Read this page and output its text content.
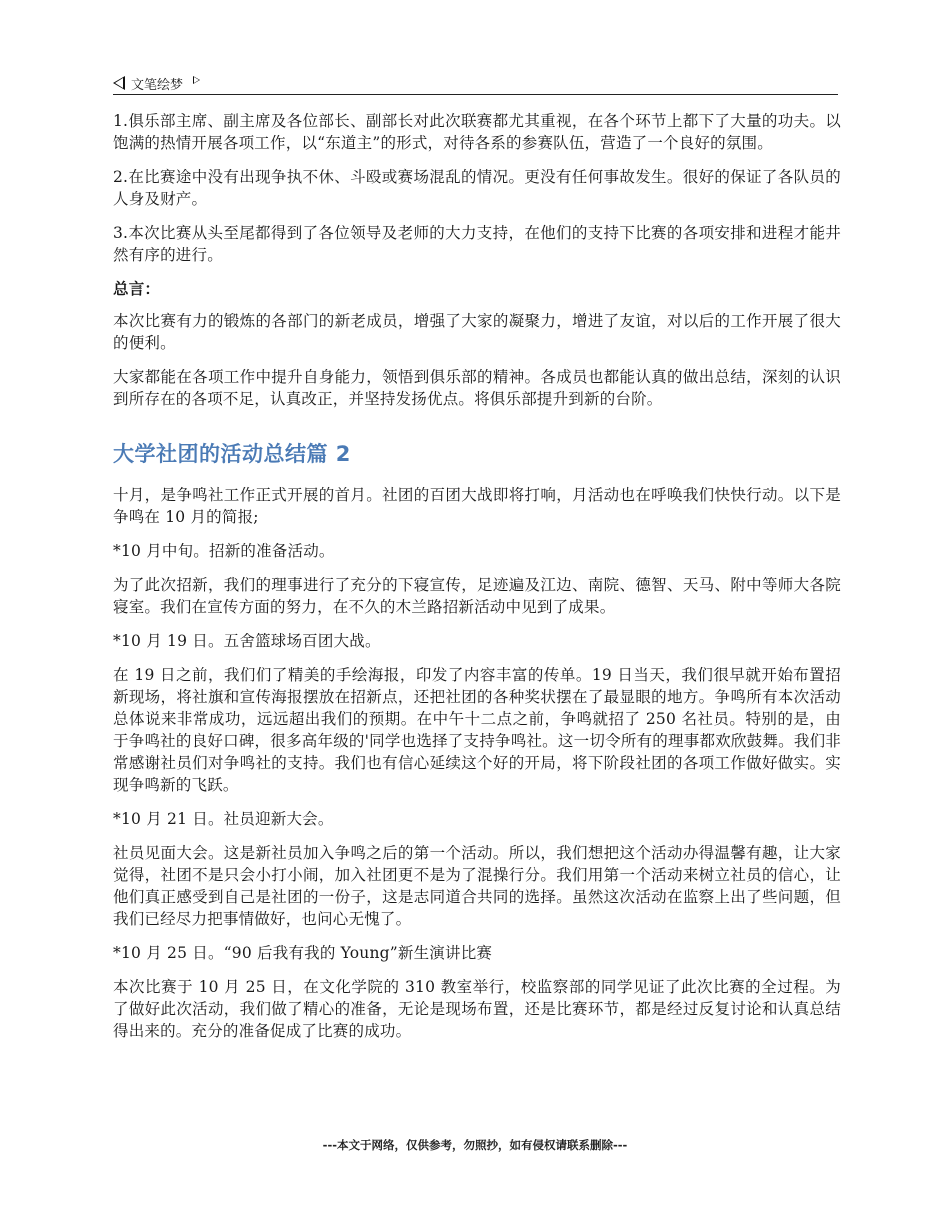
文笔绘梦

1.俱乐部主席、副主席及各位部长、副部长对此次联赛都尤其重视，在各个环节上都下了大量的功夫。以饱满的热情开展各项工作，以“东道主”的形式，对待各系的参赛队伍，营造了一个良好的氛围。

2.在比赛途中没有出现争执不休、斗殴或赛场混乱的情况。更没有任何事故发生。很好的保证了各队员的人身及财产。

3.本次比赛从头至尾都得到了各位领导及老师的大力支持，在他们的支持下比赛的各项安排和进程才能井然有序的进行。

总言：

本次比赛有力的锻炼的各部门的新老成员，增强了大家的凝聚力，增进了友谊，对以后的工作开展了很大的便利。

大家都能在各项工作中提升自身能力，领悟到俱乐部的精神。各成员也都能认真的做出总结，深刻的认识到所存在的各项不足，认真改正，并坚持发扬优点。将俱乐部提升到新的台阶。

大学社团的活动总结篇 2

十月，是争鸣社工作正式开展的首月。社团的百团大战即将打响，月活动也在呼唤我们快快行动。以下是争鸣在 10 月的简报;

*10 月中旬。招新的准备活动。

为了此次招新，我们的理事进行了充分的下寝宣传，足迹遍及江边、南院、德智、天马、附中等师大各院寝室。我们在宣传方面的努力，在不久的木兰路招新活动中见到了成果。

*10 月 19 日。五舍篮球场百团大战。

在 19 日之前，我们们了精美的手绘海报，印发了内容丰富的传单。19 日当天，我们很早就开始布置招新现场，将社旗和宣传海报摆放在招新点，还把社团的各种奖状摆在了最显眼的地方。争鸣所有本次活动总体说来非常成功，远远超出我们的预期。在中午十二点之前，争鸣就招了 250 名社员。特别的是，由于争鸣社的良好口碑，很多高年级的'同学也选择了支持争鸣社。这一切令所有的理事都欢欣鼓舞。我们非常感谢社员们对争鸣社的支持。我们也有信心延续这个好的开局，将下阶段社团的各项工作做好做实。实现争鸣新的飞跃。

*10 月 21 日。社员迎新大会。

社员见面大会。这是新社员加入争鸣之后的第一个活动。所以，我们想把这个活动办得温馨有趣，让大家觉得，社团不是只会小打小闹，加入社团更不是为了混操行分。我们用第一个活动来树立社员的信心，让他们真正感受到自己是社团的一份子，这是志同道合共同的选择。虽然这次活动在监察上出了些问题，但我们已经尽力把事情做好，也问心无愧了。

*10 月 25 日。“90 后我有我的 Young”新生演讲比赛

本次比赛于 10 月 25 日，在文化学院的 310 教室举行，校监察部的同学见证了此次比赛的全过程。为了做好此次活动，我们做了精心的准备，无论是现场布置，还是比赛环节，都是经过反复讨论和认真总结得出来的。充分的准备促成了比赛的成功。

---本文于网络，仅供参考，勿照抄，如有侵权请联系删除---
